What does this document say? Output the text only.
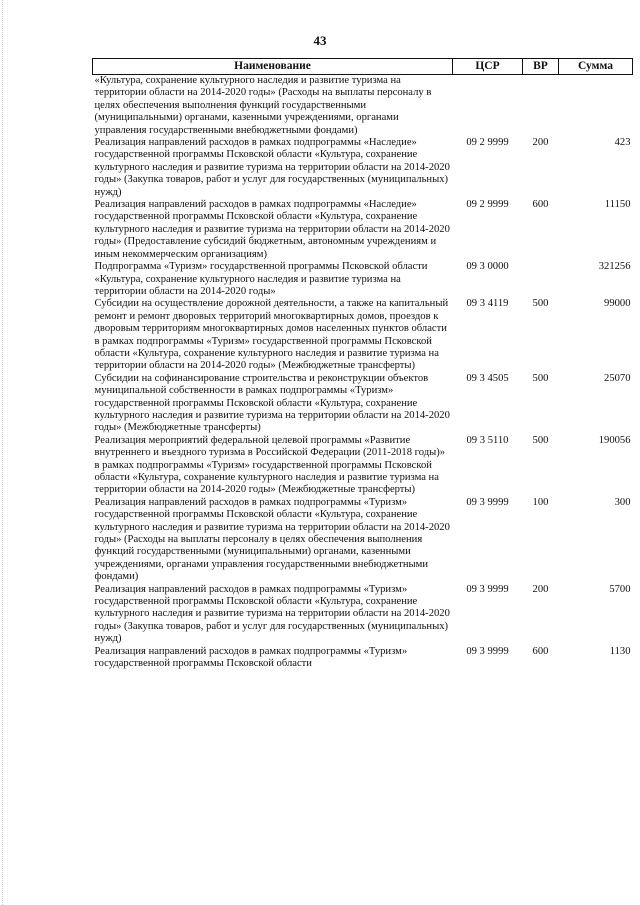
43
Наименование	ЦСР	ВР	Сумма
«Культура, сохранение культурного наследия и развитие туризма на территории области на 2014-2020 годы» (Расходы на выплаты персоналу в целях обеспечения выполнения функций государственными (муниципальными) органами, казенными учреждениями, органами управления государственными внебюджетными фондами)			
Реализация направлений расходов в рамках подпрограммы «Наследие» государственной программы Псковской области «Культура, сохранение культурного наследия и развитие туризма на территории области на 2014-2020 годы» (Закупка товаров, работ и услуг для государственных (муниципальных) нужд)	09 2 9999	200	423
Реализация направлений расходов в рамках подпрограммы «Наследие» государственной программы Псковской области «Культура, сохранение культурного наследия и развитие туризма на территории области на 2014-2020 годы» (Предоставление субсидий бюджетным, автономным учреждениям и иным некоммерческим организациям)	09 2 9999	600	11150
Подпрограмма «Туризм» государственной программы Псковской области «Культура, сохранение культурного наследия и развитие туризма на территории области на 2014-2020 годы»	09 3 0000		321256
Субсидии на осуществление дорожной деятельности, а также на капитальный ремонт и ремонт дворовых территорий многоквартирных домов, проездов к дворовым территориям многоквартирных домов населенных пунктов области в рамках подпрограммы «Туризм» государственной программы Псковской области «Культура, сохранение культурного наследия и развитие туризма на территории области на 2014-2020 годы» (Межбюджетные трансферты)	09 3 4119	500	99000
Субсидии на софинансирование строительства и реконструкции объектов муниципальной собственности в рамках подпрограммы «Туризм» государственной программы Псковской области «Культура, сохранение культурного наследия и развитие туризма на территории области на 2014-2020 годы» (Межбюджетные трансферты)	09 3 4505	500	25070
Реализация мероприятий федеральной целевой программы «Развитие внутреннего и въездного туризма в Российской Федерации (2011-2018 годы)» в рамках подпрограммы «Туризм» государственной программы Псковской области «Культура, сохранение культурного наследия и развитие туризма на территории области на 2014-2020 годы» (Межбюджетные трансферты)	09 3 5110	500	190056
Реализация направлений расходов в рамках подпрограммы «Туризм» государственной программы Псковской области «Культура, сохранение культурного наследия и развитие туризма на территории области на 2014-2020 годы» (Расходы на выплаты персоналу в целях обеспечения выполнения функций государственными (муниципальными) органами, казенными учреждениями, органами управления государственными внебюджетными фондами)	09 3 9999	100	300
Реализация направлений расходов в рамках подпрограммы «Туризм» государственной программы Псковской области «Культура, сохранение культурного наследия и развитие туризма на территории области на 2014-2020 годы» (Закупка товаров, работ и услуг для государственных (муниципальных) нужд)	09 3 9999	200	5700
Реализация направлений расходов в рамках подпрограммы «Туризм» государственной программы Псковской области	09 3 9999	600	1130
